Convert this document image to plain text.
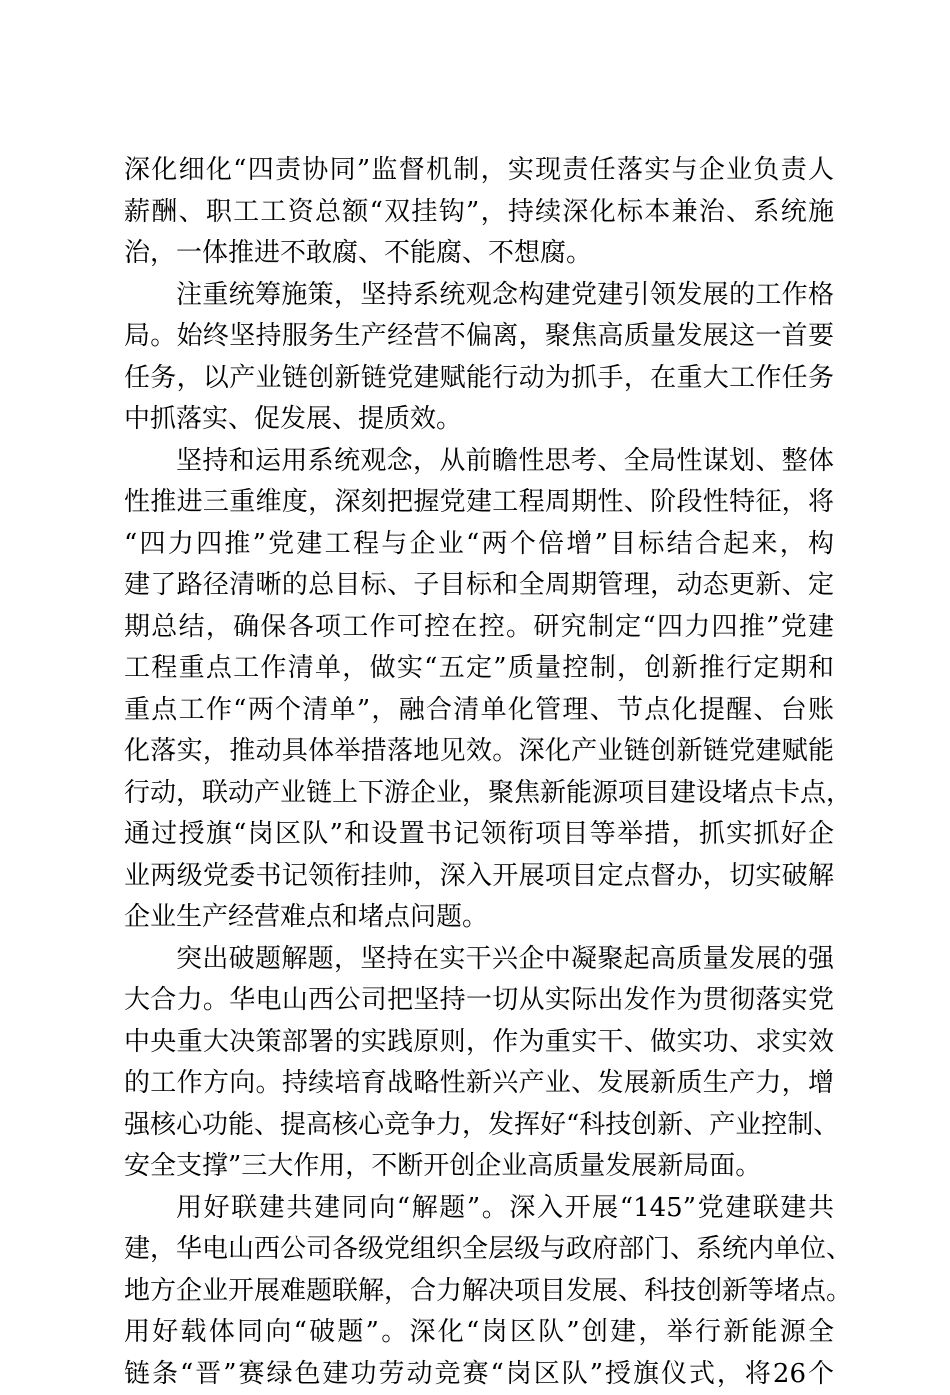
深化细化“四责协同”监督机制，实现责任落实与企业负责人
薪酬、职工工资总额“双挂钩”，持续深化标本兼治、系统施
治，一体推进不敢腐、不能腐、不想腐。
注重统筹施策，坚持系统观念构建党建引领发展的工作格
局。始终坚持服务生产经营不偏离，聚焦高质量发展这一首要
任务，以产业链创新链党建赋能行动为抓手，在重大工作任务
中抓落实、促发展、提质效。
坚持和运用系统观念，从前瞻性思考、全局性谋划、整体
性推进三重维度，深刻把握党建工程周期性、阶段性特征，将
“四力四推”党建工程与企业“两个倍增”目标结合起来，构
建了路径清晰的总目标、子目标和全周期管理，动态更新、定
期总结，确保各项工作可控在控。研究制定“四力四推”党建
工程重点工作清单，做实“五定”质量控制，创新推行定期和
重点工作“两个清单”，融合清单化管理、节点化提醒、台账
化落实，推动具体举措落地见效。深化产业链创新链党建赋能
行动，联动产业链上下游企业，聚焦新能源项目建设堵点卡点，
通过授旗“岗区队”和设置书记领衔项目等举措，抓实抓好企
业两级党委书记领衔挂帅，深入开展项目定点督办，切实破解
企业生产经营难点和堵点问题。
突出破题解题，坚持在实干兴企中凝聚起高质量发展的强
大合力。华电山西公司把坚持一切从实际出发作为贯彻落实党
中央重大决策部署的实践原则，作为重实干、做实功、求实效
的工作方向。持续培育战略性新兴产业、发展新质生产力，增
强核心功能、提高核心竞争力，发挥好“科技创新、产业控制、
安全支撑”三大作用，不断开创企业高质量发展新局面。
用好联建共建同向“解题”。深入开展“145”党建联建共
建，华电山西公司各级党组织全层级与政府部门、系统内单位、
地方企业开展难题联解，合力解决项目发展、科技创新等堵点。
用好载体同向“破题”。深化“岗区队”创建，举行新能源全
链条“晋”赛绿色建功劳动竞赛“岗区队”授旗仪式，将26个
